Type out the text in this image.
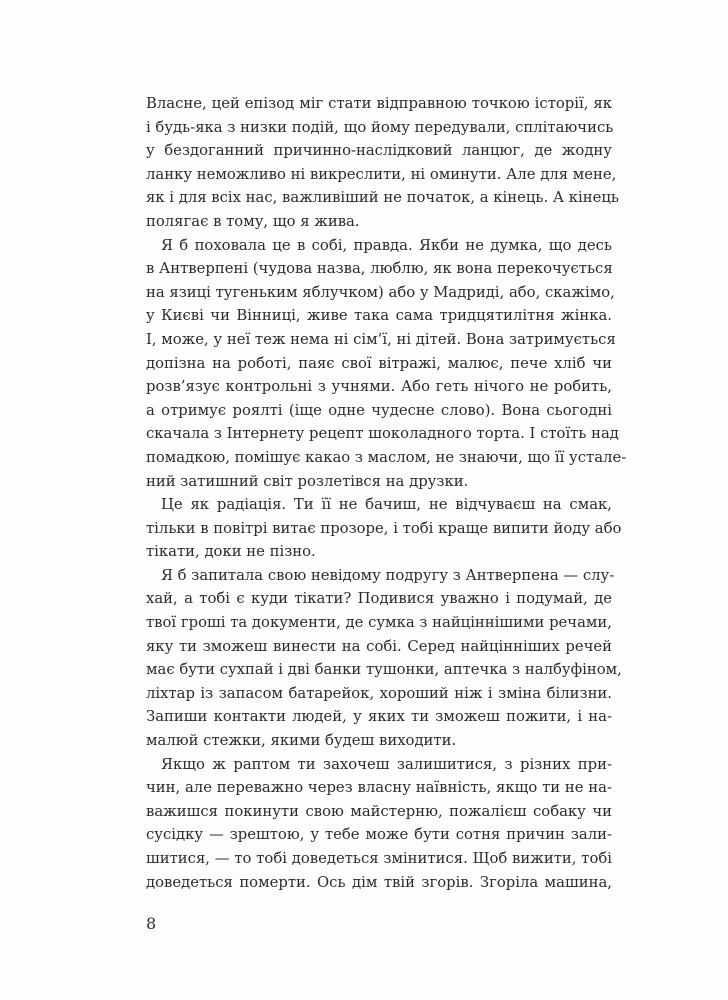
Власне, цей епізод міг стати відправною точкою історії, як
і будь-яка з низки подій, що йому передували, сплітаючись
у бездоганний причинно-наслідковий ланцюг, де жодну
ланку неможливо ні викреслити, ні оминути. Але для мене,
як і для всіх нас, важливіший не початок, а кінець. А кінець
полягає в тому, що я жива.
Я б поховала це в собі, правда. Якби не думка, що десь
в Антверпені (чудова назва, люблю, як вона перекочується
на язиці тугеньким яблучком) або у Мадриді, або, скажімо,
у Києві чи Вінниці, живе така сама тридцятилітня жінка.
І, може, у неї теж нема ні сім’ї, ні дітей. Вона затримується
допізна на роботі, паяє свої вітражі, малює, пече хліб чи
розв’язує контрольні з учнями. Або геть нічого не робить,
а отримує роялті (іще одне чудесне слово). Вона сьогодні
скачала з Інтернету рецепт шоколадного торта. І стоїть над
помадкою, помішує какао з маслом, не знаючи, що її устале-
ний затишний світ розлетівся на друзки.
Це як радіація. Ти її не бачиш, не відчуваєш на смак,
тільки в повітрі витає прозоре, і тобі краще випити йоду або
тікати, доки не пізно.
Я б запитала свою невідому подругу з Антверпена — слу-
хай, а тобі є куди тікати? Подивися уважно і подумай, де
твої гроші та документи, де сумка з найціннішими речами,
яку ти зможеш винести на собі. Серед найцінніших речей
має бути сухпай і дві банки тушонки, аптечка з налбуфіном,
ліхтар із запасом батарейок, хороший ніж і зміна білизни.
Запиши контакти людей, у яких ти зможеш пожити, і на-
малюй стежки, якими будеш виходити.
Якщо ж раптом ти захочеш залишитися, з різних при-
чин, але переважно через власну наївність, якщо ти не на-
важишся покинути свою майстерню, пожалієш собаку чи
сусідку — зрештою, у тебе може бути сотня причин зали-
шитися, — то тобі доведеться змінитися. Щоб вижити, тобі
доведеться померти. Ось дім твій згорів. Згоріла машина,
8
